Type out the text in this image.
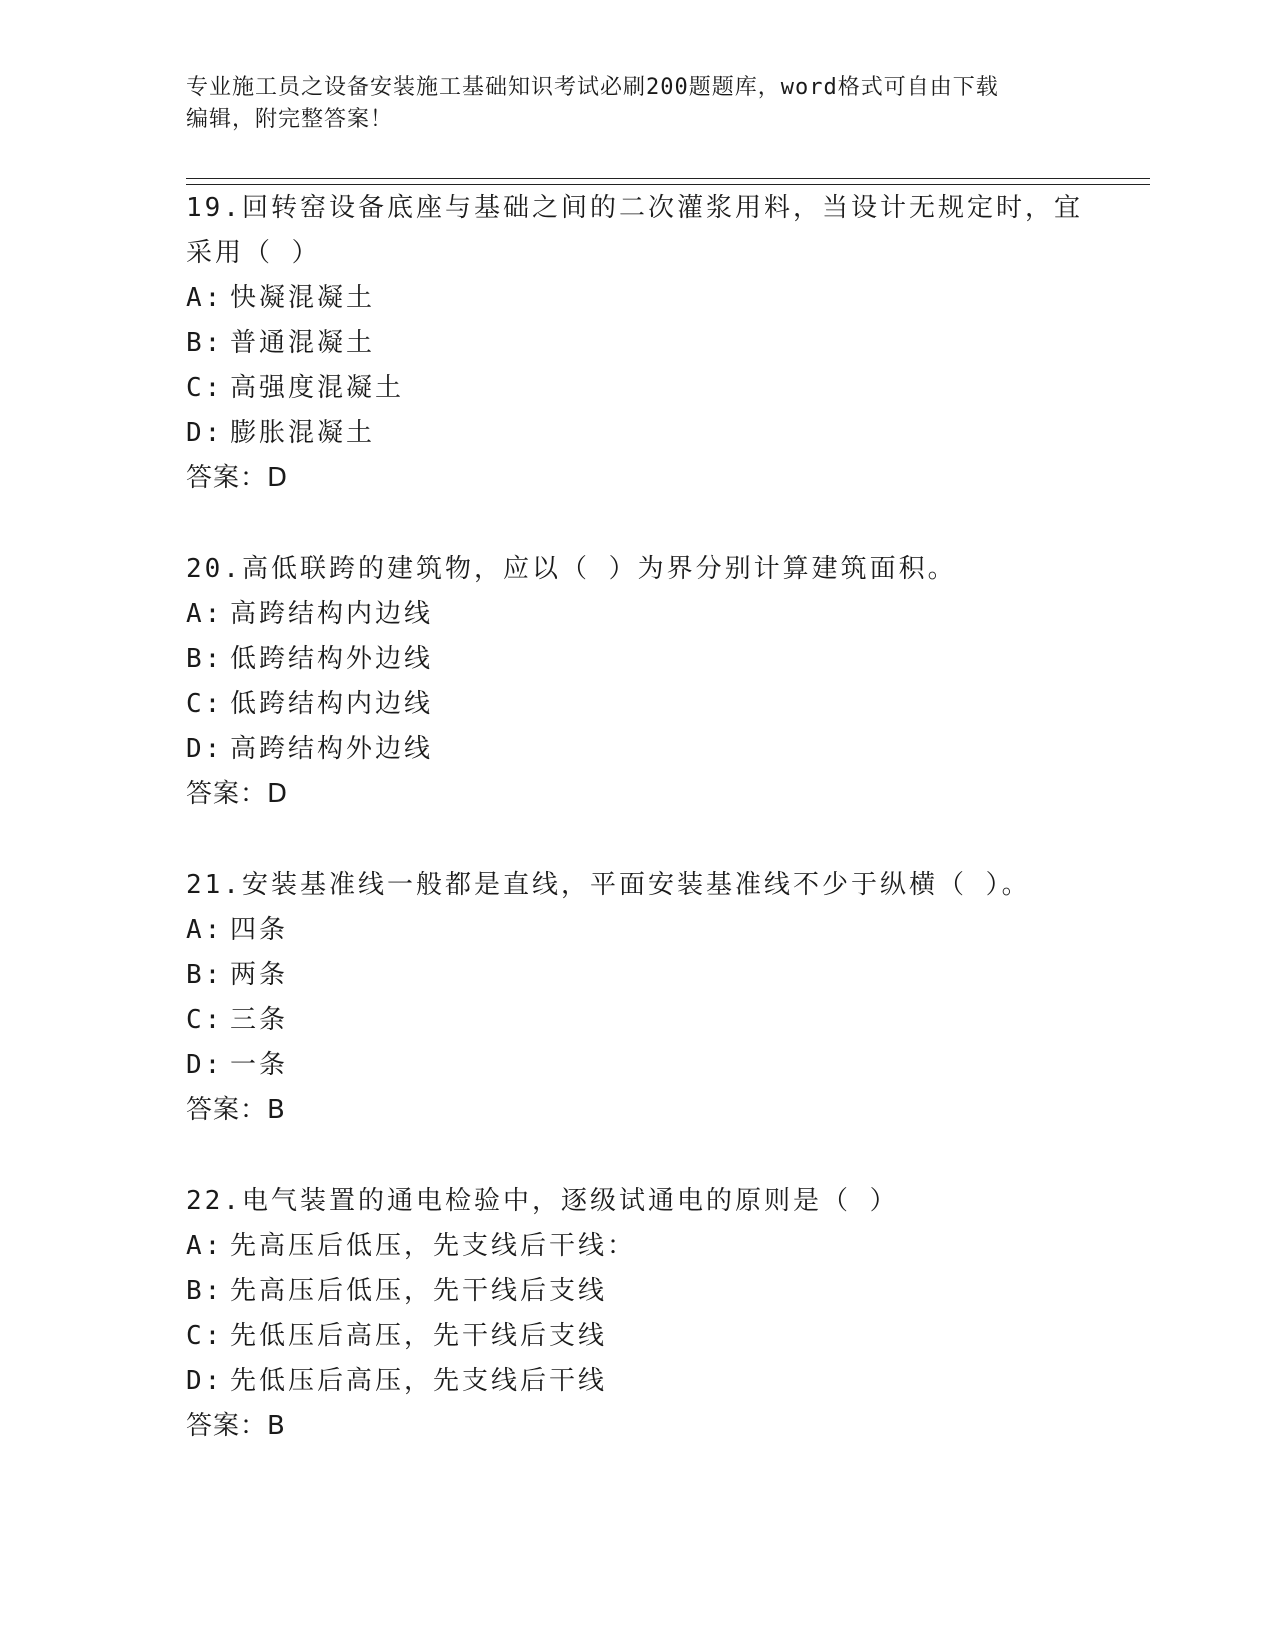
专业施工员之设备安装施工基础知识考试必刷200题题库，word格式可自由下载
编辑，附完整答案！
19.回转窑设备底座与基础之间的二次灌浆用料，当设计无规定时，宜采用（ ）
A: 快凝混凝土
B: 普通混凝土
C: 高强度混凝土
D: 膨胀混凝土
答案：D
20.高低联跨的建筑物，应以（ ）为界分别计算建筑面积。
A: 高跨结构内边线
B: 低跨结构外边线
C: 低跨结构内边线
D: 高跨结构外边线
答案：D
21.安装基准线一般都是直线，平面安装基准线不少于纵横（ ）。
A: 四条
B: 两条
C: 三条
D: 一条
答案：B
22.电气装置的通电检验中，逐级试通电的原则是（ ）
A: 先高压后低压，先支线后干线：
B: 先高压后低压，先干线后支线
C: 先低压后高压，先干线后支线
D: 先低压后高压，先支线后干线
答案：B
